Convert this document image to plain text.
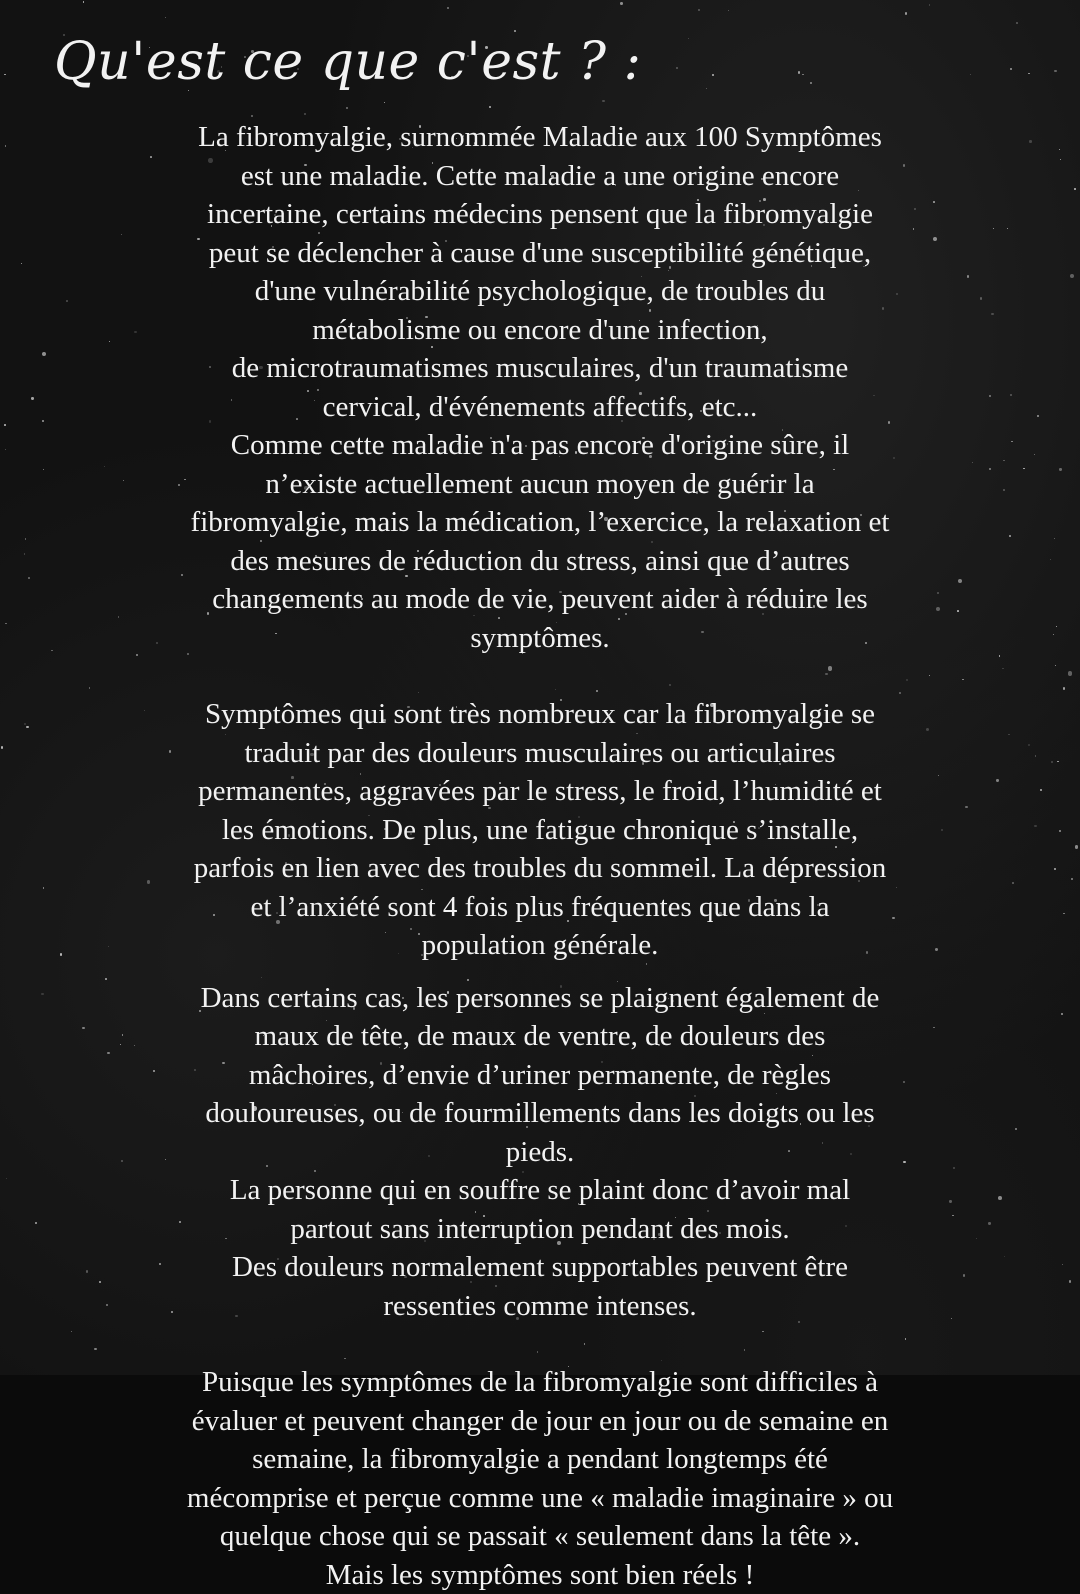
Qu'est ce que c'est ? :

La fibromyalgie, surnommée Maladie aux 100 Symptômes
est une maladie. Cette maladie a une origine encore
incertaine, certains médecins pensent que la fibromyalgie
peut se déclencher à cause d'une susceptibilité génétique,
d'une vulnérabilité psychologique, de troubles du
métabolisme ou encore d'une infection,
de microtraumatismes musculaires, d'un traumatisme
cervical, d'événements affectifs, etc...
Comme cette maladie n'a pas encore d'origine sûre, il
n’existe actuellement aucun moyen de guérir la
fibromyalgie, mais la médication, l’exercice, la relaxation et
des mesures de réduction du stress, ainsi que d’autres
changements au mode de vie, peuvent aider à réduire les
symptômes.

Symptômes qui sont très nombreux car la fibromyalgie se
traduit par des douleurs musculaires ou articulaires
permanentes, aggravées par le stress, le froid, l’humidité et
les émotions. De plus, une fatigue chronique s’installe,
parfois en lien avec des troubles du sommeil. La dépression
et l’anxiété sont 4 fois plus fréquentes que dans la
population générale.

Dans certains cas, les personnes se plaignent également de
maux de tête, de maux de ventre, de douleurs des
mâchoires, d’envie d’uriner permanente, de règles
douloureuses, ou de fourmillements dans les doigts ou les
pieds.
La personne qui en souffre se plaint donc d’avoir mal
partout sans interruption pendant des mois.
Des douleurs normalement supportables peuvent être
ressenties comme intenses.

Puisque les symptômes de la fibromyalgie sont difficiles à
évaluer et peuvent changer de jour en jour ou de semaine en
semaine, la fibromyalgie a pendant longtemps été
mécomprise et perçue comme une « maladie imaginaire » ou
quelque chose qui se passait « seulement dans la tête ».
Mais les symptômes sont bien réels !
